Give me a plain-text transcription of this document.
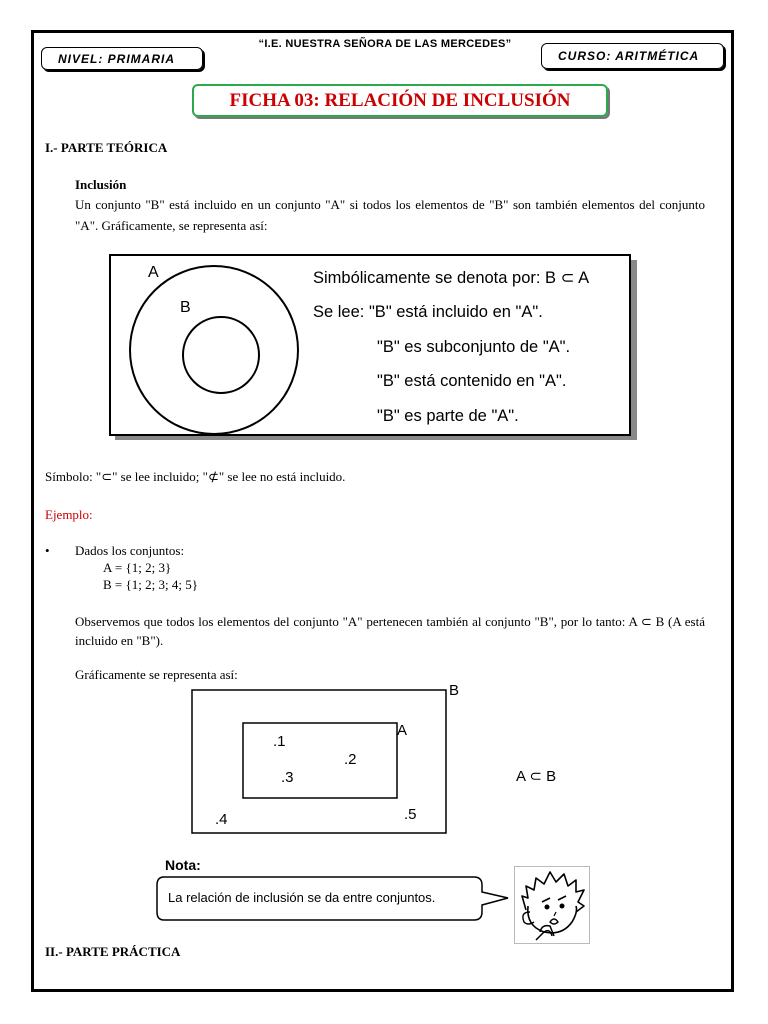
“I.E. NUESTRA SEÑORA DE LAS MERCEDES”
NIVEL: PRIMARIA	CURSO: ARITMÉTICA
FICHA 03: RELACIÓN DE INCLUSIÓN
I.- PARTE TEÓRICA
Inclusión
Un conjunto "B" está incluido en un conjunto "A" si todos los elementos de "B" son también elementos del conjunto "A". Gráficamente, se representa así:
A
B
Simbólicamente se denota por: B ⊂ A
Se lee: "B" está incluido en "A".
"B" es subconjunto de "A".
"B" está contenido en "A".
"B" es parte de "A".
Símbolo: "⊂" se lee incluido; "⊄" se lee no está incluido.
Ejemplo:
• Dados los conjuntos:
A = {1; 2; 3}
B = {1; 2; 3; 4; 5}
Observemos que todos los elementos del conjunto "A" pertenecen también al conjunto "B", por lo tanto: A ⊂ B (A está incluido en "B").
Gráficamente se representa así:
B
A
.1
.2
.3
.4	.5
A ⊂ B
Nota:
La relación de inclusión se da entre conjuntos.
II.- PARTE PRÁCTICA
